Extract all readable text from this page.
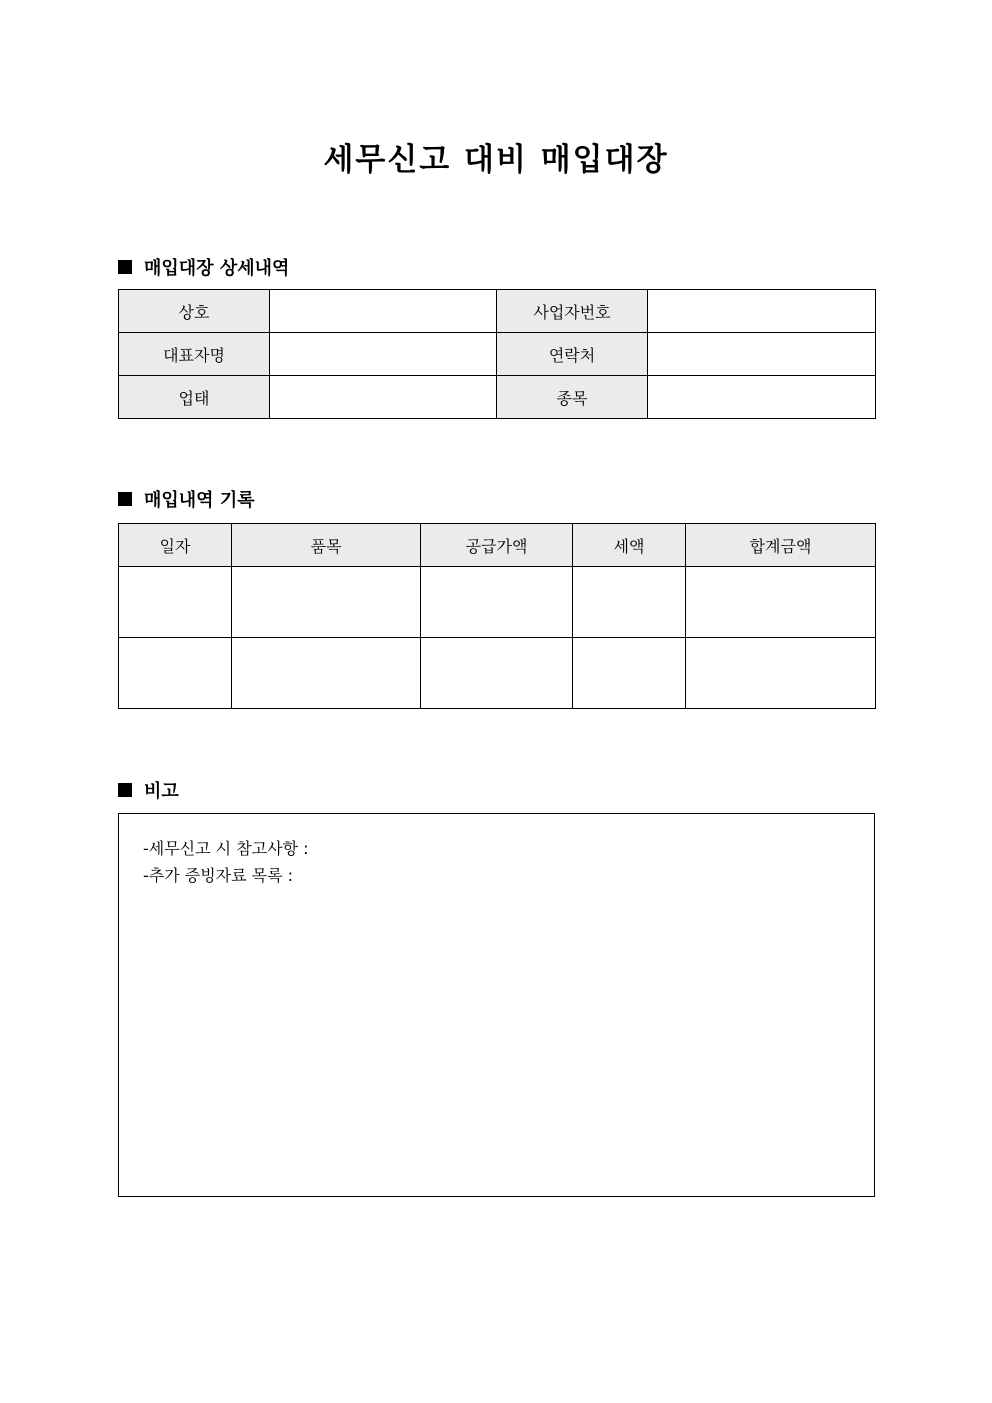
세무신고 대비 매입대장
매입대장 상세내역
상호		사업자번호	
대표자명		연락처	
업태		종목	
매입내역 기록
일자	품목	공급가액	세액	합계금액

비고
-세무신고 시 참고사항 :
-추가 증빙자료 목록 :
